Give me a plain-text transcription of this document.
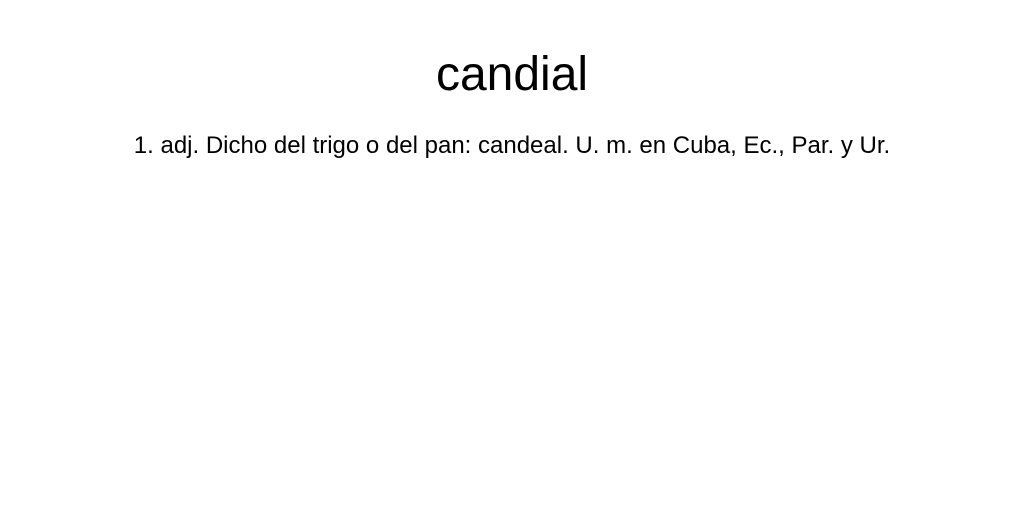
candial

1. adj. Dicho del trigo o del pan: candeal. U. m. en Cuba, Ec., Par. y Ur.
